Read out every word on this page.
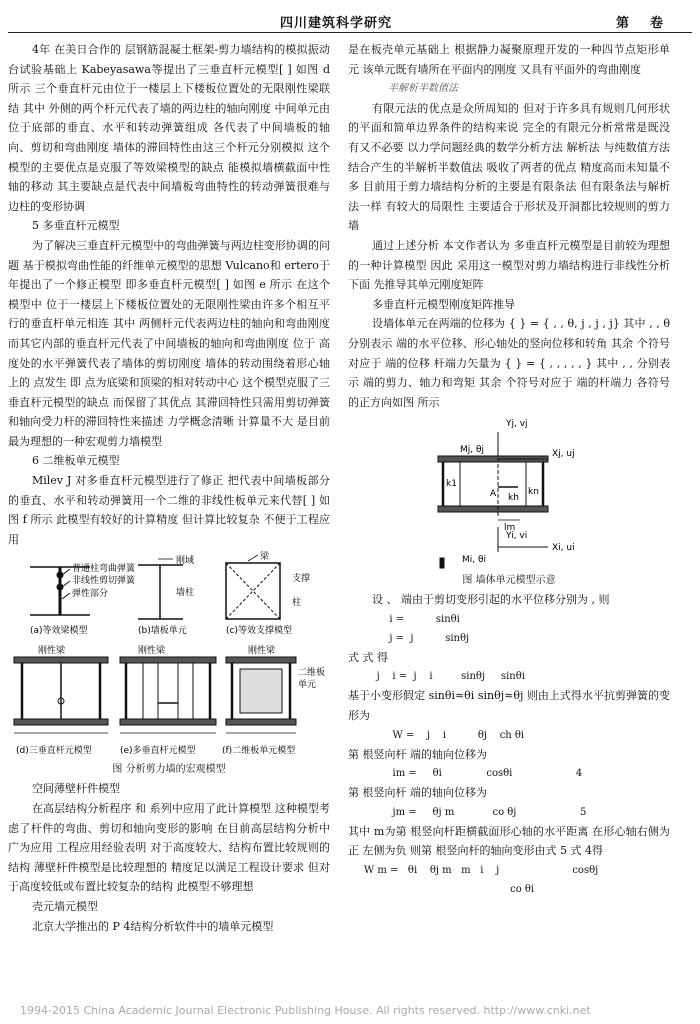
四川建筑科学研究	第 卷

4年 在美日合作的 层钢筋混凝土框架-剪力墙结构的模拟振动台试验基础上 Kabeyasawa等提出了三垂直杆元模型[ ] 如图 d 所示 三个垂直杆元由位于一楼层上下楼板位置处的无限刚性梁联结 其中 外侧的两个杆元代表了墙的两边柱的轴向刚度 中间单元由位于底部的垂直、水平和转动弹簧组成 各代表了中间墙板的轴向、剪切和弯曲刚度 墙体的滞回特性由这三个杆元分别模拟 这个模型的主要优点是克服了等效梁模型的缺点 能模拟墙横截面中性轴的移动 其主要缺点是代表中间墙板弯曲特性的转动弹簧很难与边柱的变形协调

5 多垂直杆元模型

为了解决三垂直杆元模型中的弯曲弹簧与两边柱变形协调的问题 基于模拟弯曲性能的纤维单元模型的思想 Vulcano和 ertero于 年提出了一个修正模型 即多垂直杆元模型[ ] 如图 e 所示 在这个模型中 位于一楼层上下楼板位置处的无限刚性梁由许多个相互平行的垂直杆单元相连 其中 两侧杆元代表两边柱的轴向和弯曲刚度 而其它内部的垂直杆元代表了中间墙板的轴向和弯曲刚度 位于 高度处的水平弹簧代表了墙体的剪切刚度 墙体的转动围绕着形心轴上的 点发生 即 点为底梁和顶梁的相对转动中心 这个模型克服了三垂直杆元模型的缺点 而保留了其优点 其滞回特性只需用剪切弹簧和轴向受力杆的滞回特性来描述 力学概念清晰 计算量不大 是目前最为理想的一种宏观剪力墙模型

6 二维板单元模型

Milev J 对多垂直杆元模型进行了修正 把代表中间墙板部分的垂直、水平和转动弹簧用一个二维的非线性板单元来代替[ ] 如图 f 所示 此模型有较好的计算精度 但计算比较复杂 不便于工程应用

普通柱弯曲弹簧
非线性剪切弹簧
弹性部分
(a)等效梁模型
刚域
墙柱
(b)墙板单元
梁
支撑
柱
(c)等效支撑模型
刚性梁
(d)三垂直杆元模型
刚性梁
(e)多垂直杆元模型
刚性梁
二维板
单元
(f)二维板单元模型
图 分析剪力墙的宏观模型

空间薄壁杆件模型

在高层结构分析程序 和 系列中应用了此计算模型 这种模型考虑了杆件的弯曲、剪切和轴向变形的影响 在目前高层结构分析中广为应用 工程应用经验表明 对于高度较大、结构布置比较规则的结构 薄壁杆件模型是比较理想的 精度足以满足工程设计要求 但对于高度较低或布置比较复杂的结构 此模型不够理想

壳元墙元模型

北京大学推出的 P 4结构分析软件中的墙单元模型

是在板壳单元基础上 根据静力凝聚原理开发的一种四节点矩形单元 该单元既有墙所在平面内的刚度 又具有平面外的弯曲刚度

半解析半数值法

有限元法的优点是众所周知的 但对于许多具有规则几何形状的平面和简单边界条件的结构来说 完全的有限元分析常常是既没有又不必要 以力学问题经典的数学分析方法 解析法 与纯数值方法结合产生的半解析半数值法 吸收了两者的优点 精度高而未知量不多 目前用于剪力墙结构分析的主要是有限条法 但有限条法与解析法一样 有较大的局限性 主要适合于形状及开洞都比较规则的剪力墙

通过上述分析 本文作者认为 多垂直杆元模型是目前较为理想的一种计算模型 因此 采用这一模型对剪力墙结构进行非线性分析 下面 先推导其单元刚度矩阵

多垂直杆元模型刚度矩阵推导

设墙体单元在两端的位移为 { } = { , , θ, j , j , j} 其中 , , θ 分别表示 端的水平位移、形心轴处的竖向位移和转角 其余 个符号对应于 端的位移 杆端力矢量为 { } = { , , , , , } 其中 , , 分别表示 端的剪力、轴力和弯矩 其余 个符号对应于 端的杆端力 各符号的正方向如图 所示

Yj, vj
Xj, uj
Mj, θj
lm
Yi, vi
Xi, ui
Mi, θi
k1
kn
kh
A
图 墙体单元模型示意

设 、 端由于剪切变形引起的水平位移分别为 , 则

i =          sinθi

j =  j          sinθj

式 式 得

j    i =  j    i         sinθj     sinθi

基于小变形假定 sinθi≈θi sinθj≈θj 则由上式得水平抗剪弹簧的变形为

W =    j    i          θj    ch θi

第 根竖向杆 端的轴向位移为

im =     θi              cosθi                    4

第 根竖向杆 端的轴向位移为

jm =     θj m            co θj                    5

其中 m为第 根竖向杆距横截面形心轴的水平距离 在形心轴右侧为正 左侧为负 则第 根竖向杆的轴向变形由式 5 式 4得

W m =   θi    θj m   m   i    j                       cosθj

co θi

1994-2015 China Academic Journal Electronic Publishing House. All rights reserved. http://www.cnki.net
